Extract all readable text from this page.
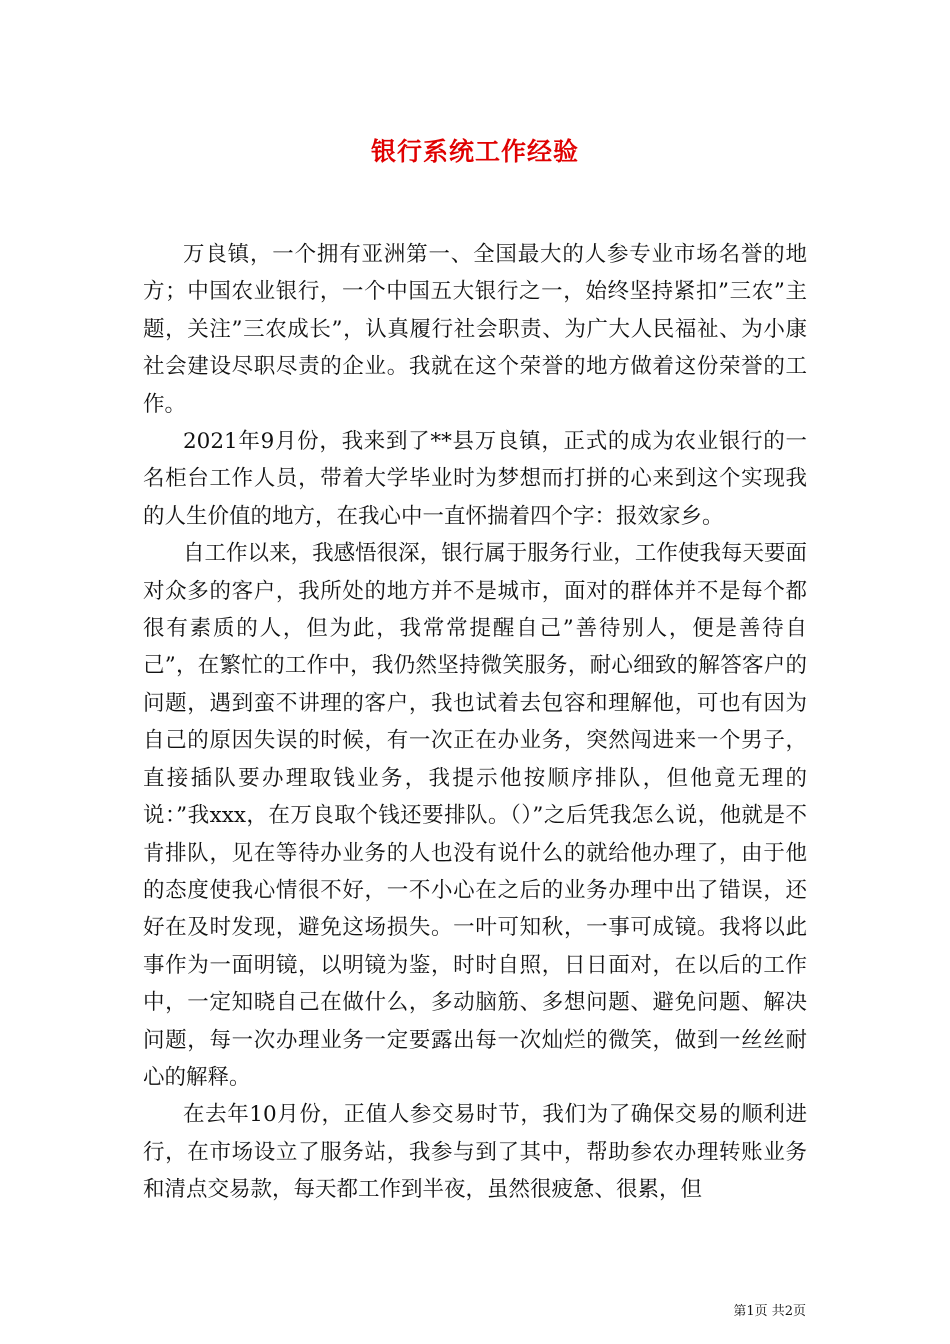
银行系统工作经验

万良镇，一个拥有亚洲第一、全国最大的人参专业市场名誉的地方；中国农业银行，一个中国五大银行之一，始终坚持紧扣”三农”主题，关注”三农成长”，认真履行社会职责、为广大人民福祉、为小康社会建设尽职尽责的企业。我就在这个荣誉的地方做着这份荣誉的工作。

2021年9月份，我来到了**县万良镇，正式的成为农业银行的一名柜台工作人员，带着大学毕业时为梦想而打拼的心来到这个实现我的人生价值的地方，在我心中一直怀揣着四个字：报效家乡。

自工作以来，我感悟很深，银行属于服务行业，工作使我每天要面对众多的客户，我所处的地方并不是城市，面对的群体并不是每个都很有素质的人，但为此，我常常提醒自己”善待别人，便是善待自己”，在繁忙的工作中，我仍然坚持微笑服务，耐心细致的解答客户的问题，遇到蛮不讲理的客户，我也试着去包容和理解他，可也有因为自己的原因失误的时候，有一次正在办业务，突然闯进来一个男子，直接插队要办理取钱业务，我提示他按顺序排队，但他竟无理的说：”我xxx，在万良取个钱还要排队。（）”之后凭我怎么说，他就是不肯排队，见在等待办业务的人也没有说什么的就给他办理了，由于他的态度使我心情很不好，一不小心在之后的业务办理中出了错误，还好在及时发现，避免这场损失。一叶可知秋，一事可成镜。我将以此事作为一面明镜，以明镜为鉴，时时自照，日日面对，在以后的工作中，一定知晓自己在做什么，多动脑筋、多想问题、避免问题、解决问题，每一次办理业务一定要露出每一次灿烂的微笑，做到一丝丝耐心的解释。

在去年10月份，正值人参交易时节，我们为了确保交易的顺利进行，在市场设立了服务站，我参与到了其中，帮助参农办理转账业务和清点交易款，每天都工作到半夜，虽然很疲惫、很累，但

第1页 共2页
